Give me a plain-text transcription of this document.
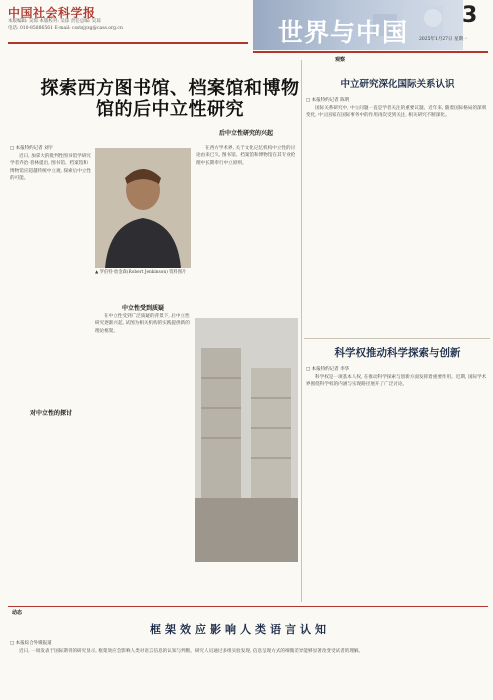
中国社会科学报
本版编辑: 吴琼 本版校对: 吴琼 责任总编: 吴琼
电话: 010-85886561 E-mail: csstsjyzg@cass.org.cn	世界与中国
3
2025年1月27日 星期一
探索西方图书馆、档案馆和博物馆的后中立性研究
□ 本报特约记者 刘宇

近日, 加拿大的批判性图书馆学研究学者乔治·普林提出, 图书馆、档案馆和博物馆应超越传统中立观, 探索后中立性的可能。

对中立性的探讨
▲ 罗伯特·詹金森(Robert Jenkinson) 资料图片

在西方学术界, 关于文化记忆机构中立性的讨论由来已久, 图书馆、档案馆和博物馆在其专业伦理中长期奉行中立原则。

后中立性研究的兴起
中立性受到质疑

在中立性受到广泛质疑的背景下, 后中立性研究逐渐兴起, 试图为相关机构的实践提供新的理论框架。

观察
中立研究深化国际关系认识
□ 本报特约记者 陈明

国际关系研究中, 中立问题一直是学者关注的重要议题。近年来, 随着国际格局的深刻变化, 中立国家在国际事务中的作用再次受到关注, 相关研究不断深化。

科学权推动科学探索与创新
□ 本报特约记者 李华

科学权是一项基本人权, 在推动科学探索与创新方面发挥着重要作用。近期, 国际学术界围绕科学权的内涵与实现路径展开了广泛讨论。

动态
框架效应影响人类语言认知
□ 本报综合外媒报道

近日, 一项发表于国际期刊的研究显示, 框架效应会影响人类对语言信息的认知与判断。研究人员通过多组实验发现, 信息呈现方式的细微差异能够显著改变受试者的理解。
